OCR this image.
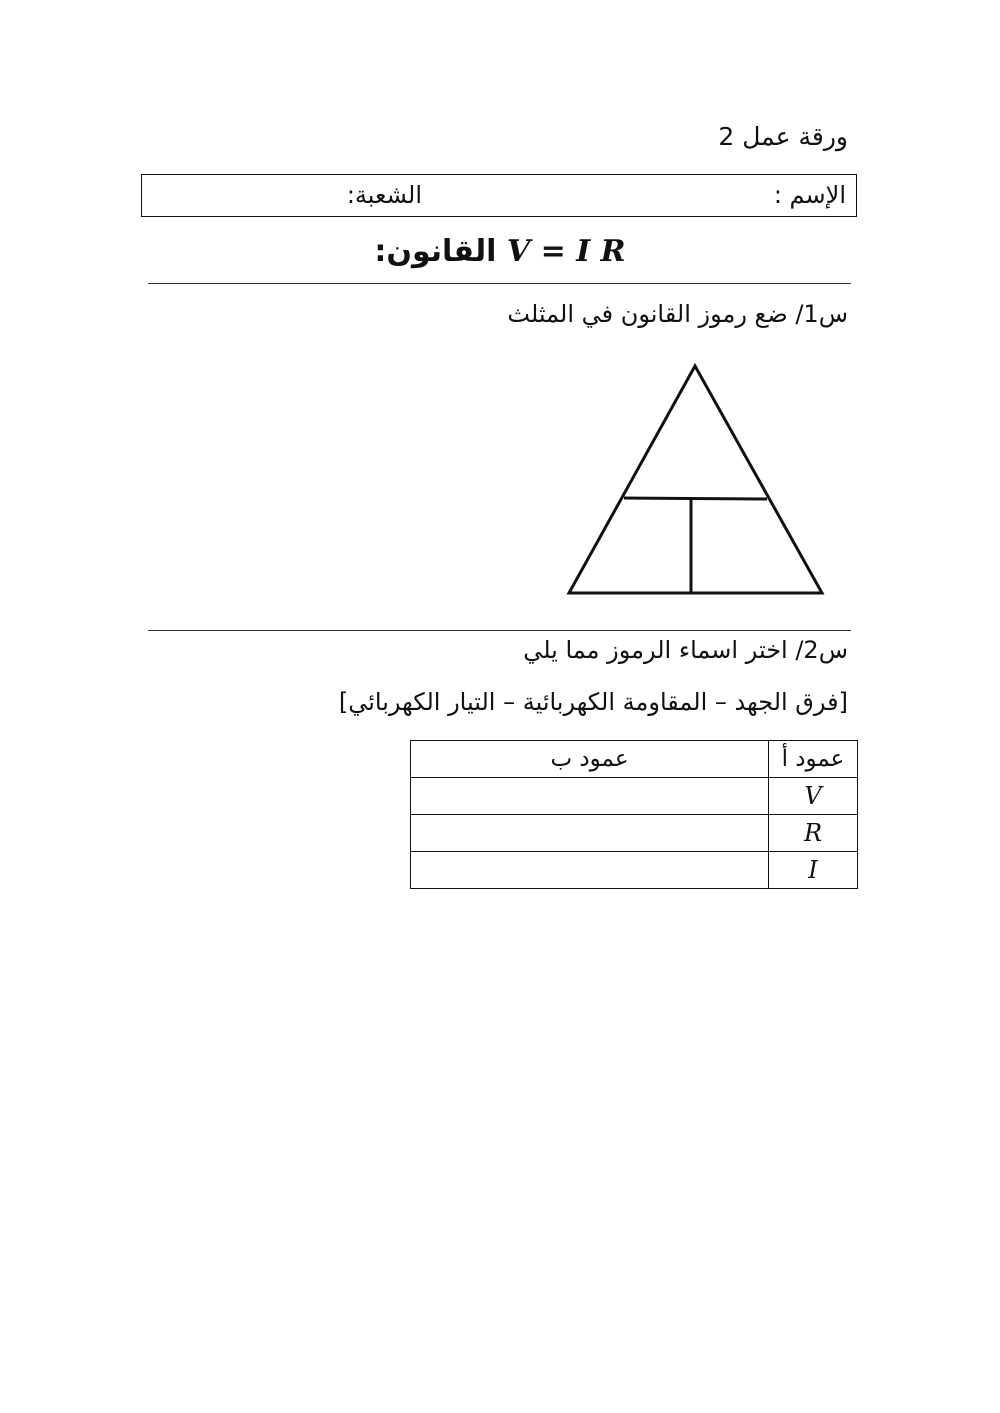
ورقة عمل 2
الإسم :
الشعبة:
القانون: V = I R
س1/ ضع رموز القانون في المثلث
س2/ اختر اسماء الرموز مما يلي
[فرق الجهد – المقاومة الكهربائية – التيار الكهربائي]
عمود أ	عمود ب
V	
R	
I	
